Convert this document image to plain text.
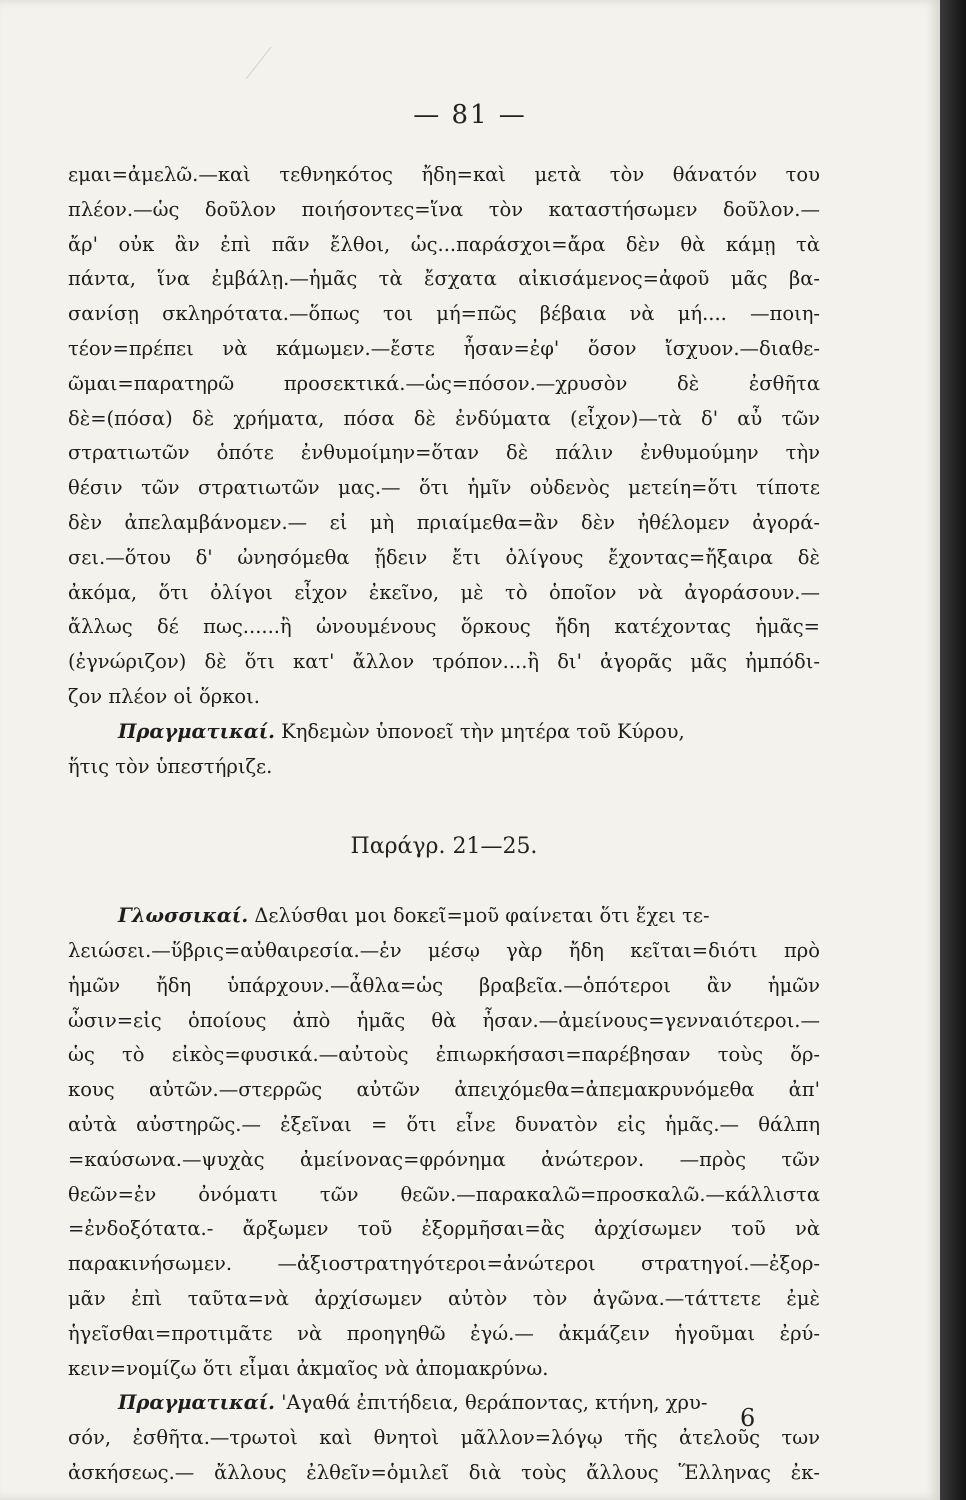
— 81 —
εμαι=ἀμελῶ.—καὶ τεθνηκότος ἤδη=καὶ μετὰ τὸν θάνατόν του
πλέον.—ὡς δοῦλον ποιήσοντες=ἵνα τὸν καταστήσωμεν δοῦλον.—
ἄρ' οὐκ ἂν ἐπὶ πᾶν ἔλθοι, ὡς...παράσχοι=ἄρα δὲν θὰ κάμῃ τὰ
πάντα, ἵνα ἐμβάλῃ.—ἡμᾶς τὰ ἔσχατα αἰκισάμενος=ἀφοῦ μᾶς βα-
σανίσῃ σκληρότατα.—ὅπως τοι μή=πῶς βέβαια νὰ μή.... —ποιη-
τέον=πρέπει νὰ κάμωμεν.—ἔστε ἦσαν=ἐφ' ὅσον ἴσχυον.—διαθε-
ῶμαι=παρατηρῶ προσεκτικά.—ὡς=πόσον.—χρυσὸν δὲ ἐσθῆτα
δὲ=(πόσα) δὲ χρήματα, πόσα δὲ ἐνδύματα (εἶχον)—τὰ δ' αὖ τῶν
στρατιωτῶν ὁπότε ἐνθυμοίμην=ὅταν δὲ πάλιν ἐνθυμούμην τὴν
θέσιν τῶν στρατιωτῶν μας.— ὅτι ἡμῖν οὐδενὸς μετείη=ὅτι τίποτε
δὲν ἀπελαμβάνομεν.— εἰ μὴ πριαίμεθα=ἂν δὲν ἠθέλομεν ἀγορά-
σει.—ὅτου δ' ὠνησόμεθα ᾔδειν ἔτι ὀλίγους ἔχοντας=ἤξαιρα δὲ
ἀκόμα, ὅτι ὀλίγοι εἶχον ἐκεῖνο, μὲ τὸ ὁποῖον νὰ ἀγοράσουν.—
ἄλλως δέ πως......ἢ ὠνουμένους ὅρκους ἤδη κατέχοντας ἡμᾶς=
(ἐγνώριζον) δὲ ὅτι κατ' ἄλλον τρόπον....ἢ δι' ἀγορᾶς μᾶς ἠμπόδι-
ζον πλέον οἱ ὅρκοι.
Πραγματικαί. Κηδεμὼν ὑπονοεῖ τὴν μητέρα τοῦ Κύρου,
ἥτις τὸν ὑπεστήριζε.
Παράγρ. 21—25.
Γλωσσικαί. Δελύσθαι μοι δοκεῖ=μοῦ φαίνεται ὅτι ἔχει τε-
λειώσει.—ὕβρις=αὐθαιρεσία.—ἐν μέσῳ γὰρ ἤδη κεῖται=διότι πρὸ
ἡμῶν ἤδη ὑπάρχουν.—ἆθλα=ὡς βραβεῖα.—ὁπότεροι ἂν ἡμῶν
ὦσιν=εἰς ὁποίους ἀπὸ ἡμᾶς θὰ ἦσαν.—ἀμείνους=γενναιότεροι.—
ὡς τὸ εἰκὸς=φυσικά.—αὐτοὺς ἐπιωρκήσασι=παρέβησαν τοὺς ὅρ-
κους αὐτῶν.—στερρῶς αὐτῶν ἀπειχόμεθα=ἀπεμακρυνόμεθα ἀπ'
αὐτὰ αὐστηρῶς.— ἐξεῖναι = ὅτι εἶνε δυνατὸν εἰς ἡμᾶς.— θάλπη
=καύσωνα.—ψυχὰς ἀμείνονας=φρόνημα ἀνώτερον. —πρὸς τῶν
θεῶν=ἐν ὀνόματι τῶν θεῶν.—παρακαλῶ=προσκαλῶ.—κάλλιστα
=ἐνδοξότατα.- ἄρξωμεν τοῦ ἐξορμῆσαι=ἂς ἀρχίσωμεν τοῦ νὰ
παρακινήσωμεν. —ἀξιοστρατηγότεροι=ἀνώτεροι στρατηγοί.—ἐξορ-
μᾶν ἐπὶ ταῦτα=νὰ ἀρχίσωμεν αὐτὸν τὸν ἀγῶνα.—τάττετε ἐμὲ
ἡγεῖσθαι=προτιμᾶτε νὰ προηγηθῶ ἐγώ.— ἀκμάζειν ἡγοῦμαι ἐρύ-
κειν=νομίζω ὅτι εἶμαι ἀκμαῖος νὰ ἀπομακρύνω.
Πραγματικαί. 'Αγαθά ἐπιτήδεια, θεράποντας, κτήνη, χρυ-
σόν, ἐσθῆτα.—τρωτοὶ καὶ θνητοὶ μᾶλλον=λόγῳ τῆς ἀτελοῦς των
ἀσκήσεως.— ἄλλους ἐλθεῖν=ὁμιλεῖ διὰ τοὺς ἄλλους Ἕλληνας ἐκ-
6
